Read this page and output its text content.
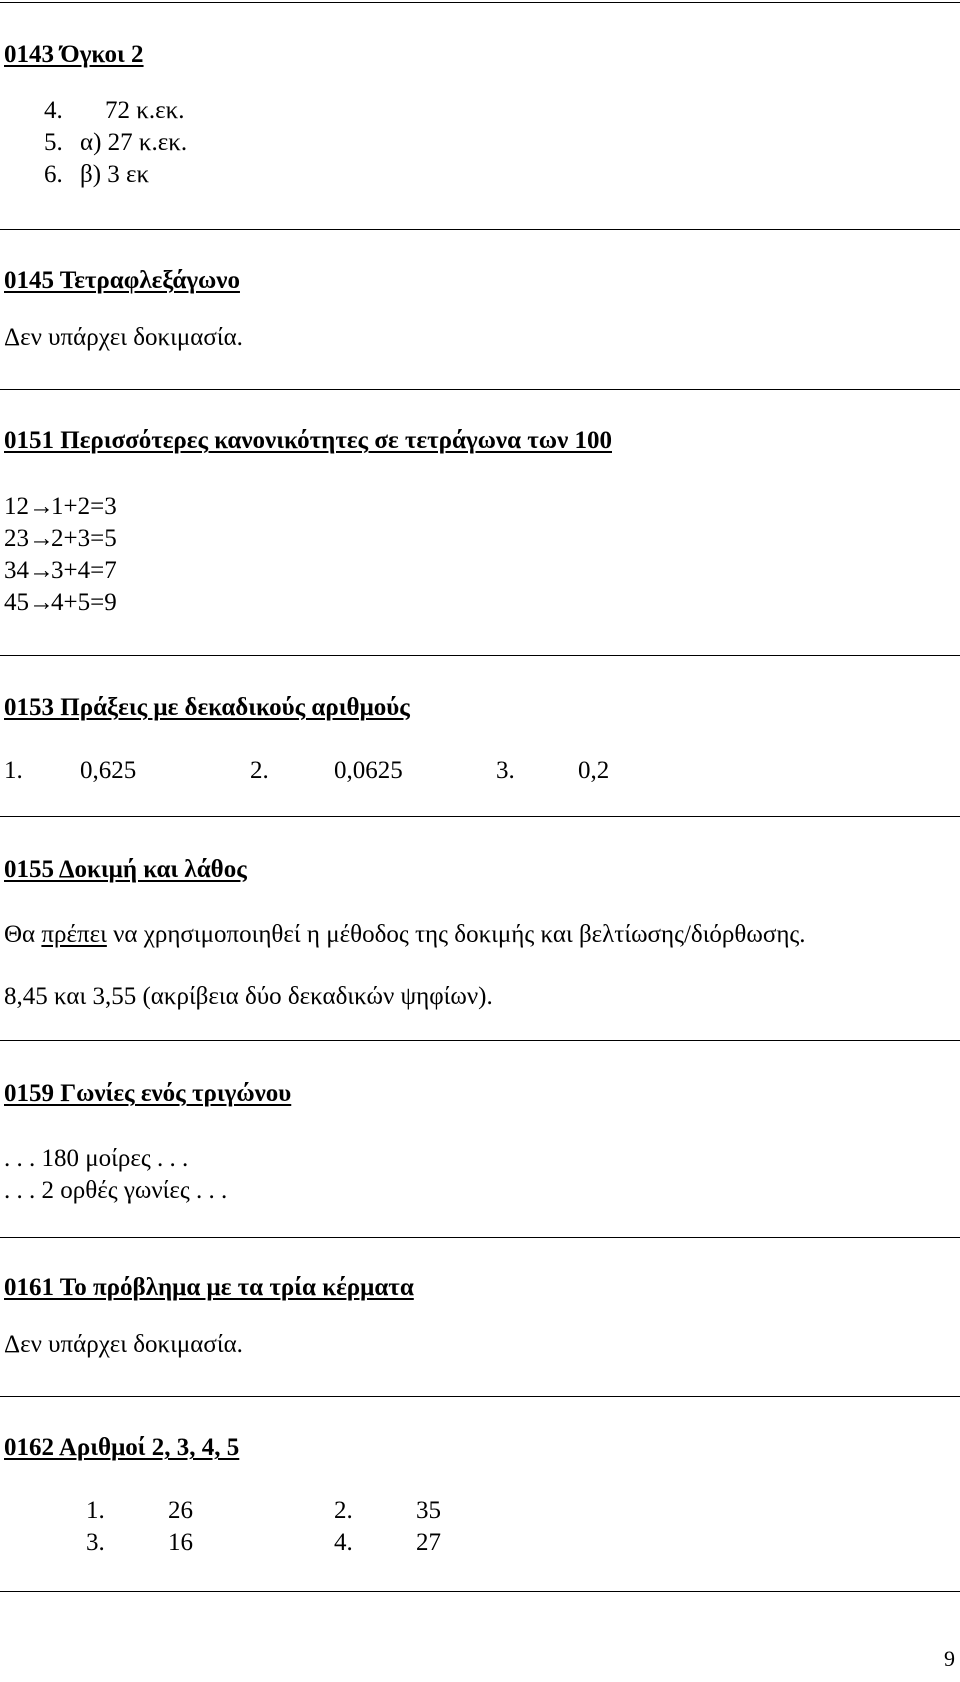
0143 Όγκοι 2
4. 72 κ.εκ.
5. α) 27 κ.εκ.
6. β) 3 εκ
0145 Τετραφλεξάγωνο
Δεν υπάρχει δοκιμασία.
0151 Περισσότερες κανονικότητες σε τετράγωνα των 100
12→1+2=3
23→2+3=5
34→3+4=7
45→4+5=9
0153 Πράξεις με δεκαδικούς αριθμούς
1. 0,625	2.	0,0625	3.	0,2
0155 Δοκιμή και λάθος
Θα πρέπει να χρησιμοποιηθεί η μέθοδος της δοκιμής και βελτίωσης/διόρθωσης.
8,45 και 3,55 (ακρίβεια δύο δεκαδικών ψηφίων).
0159 Γωνίες ενός τριγώνου
. . . 180 μοίρες . . .
. . . 2 ορθές γωνίες . . .
0161 Το πρόβλημα με τα τρία κέρματα
Δεν υπάρχει δοκιμασία.
0162 Αριθμοί 2, 3, 4, 5
1.	26	2.	35
3.	16	4.	27
9
